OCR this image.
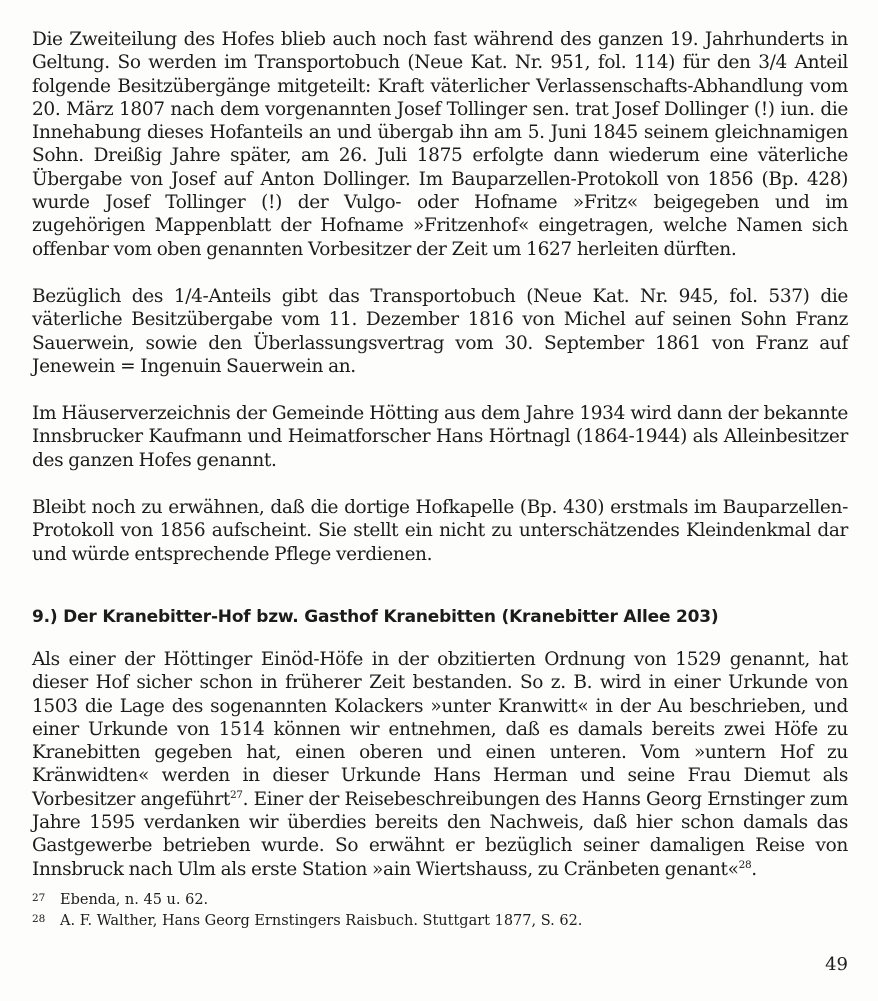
Die Zweiteilung des Hofes blieb auch noch fast während des ganzen 19. Jahrhunderts in Geltung. So werden im Transportobuch (Neue Kat. Nr. 951, fol. 114) für den 3/4 Anteil folgende Besitzübergänge mitgeteilt: Kraft väterlicher Verlassenschafts-Abhandlung vom 20. März 1807 nach dem vorgenannten Josef Tollinger sen. trat Josef Dollinger (!) iun. die Innehabung dieses Hofanteils an und übergab ihn am 5. Juni 1845 seinem gleichnamigen Sohn. Dreißig Jahre später, am 26. Juli 1875 erfolgte dann wiederum eine väterliche Übergabe von Josef auf Anton Dollinger. Im Bauparzellen-Protokoll von 1856 (Bp. 428) wurde Josef Tollinger (!) der Vulgo- oder Hofname »Fritz« beigegeben und im zugehörigen Mappenblatt der Hofname »Fritzenhof« eingetragen, welche Namen sich offenbar vom oben genannten Vorbesitzer der Zeit um 1627 herleiten dürften.

Bezüglich des 1/4-Anteils gibt das Transportobuch (Neue Kat. Nr. 945, fol. 537) die väterliche Besitzübergabe vom 11. Dezember 1816 von Michel auf seinen Sohn Franz Sauerwein, sowie den Überlassungsvertrag vom 30. September 1861 von Franz auf Jenewein = Ingenuin Sauerwein an.

Im Häuserverzeichnis der Gemeinde Hötting aus dem Jahre 1934 wird dann der bekannte Innsbrucker Kaufmann und Heimatforscher Hans Hörtnagl (1864-1944) als Alleinbesitzer des ganzen Hofes genannt.

Bleibt noch zu erwähnen, daß die dortige Hofkapelle (Bp. 430) erstmals im Bauparzellen-Protokoll von 1856 aufscheint. Sie stellt ein nicht zu unterschätzendes Kleindenkmal dar und würde entsprechende Pflege verdienen.

9.) Der Kranebitter-Hof bzw. Gasthof Kranebitten (Kranebitter Allee 203)

Als einer der Höttinger Einöd-Höfe in der obzitierten Ordnung von 1529 genannt, hat dieser Hof sicher schon in früherer Zeit bestanden. So z. B. wird in einer Urkunde von 1503 die Lage des sogenannten Kolackers »unter Kranwitt« in der Au beschrieben, und einer Urkunde von 1514 können wir entnehmen, daß es damals bereits zwei Höfe zu Kranebitten gegeben hat, einen oberen und einen unteren. Vom »untern Hof zu Kränwidten« werden in dieser Urkunde Hans Herman und seine Frau Diemut als Vorbesitzer angeführt$^{27}$. Einer der Reisebeschreibungen des Hanns Georg Ernstinger zum Jahre 1595 verdanken wir überdies bereits den Nachweis, daß hier schon damals das Gastgewerbe betrieben wurde. So erwähnt er bezüglich seiner damaligen Reise von Innsbruck nach Ulm als erste Station »ain Wiertshauss, zu Cränbeten genant«$^{28}$.

27	Ebenda, n. 45 u. 62.

28	A. F. Walther, Hans Georg Ernstingers Raisbuch. Stuttgart 1877, S. 62.

49
